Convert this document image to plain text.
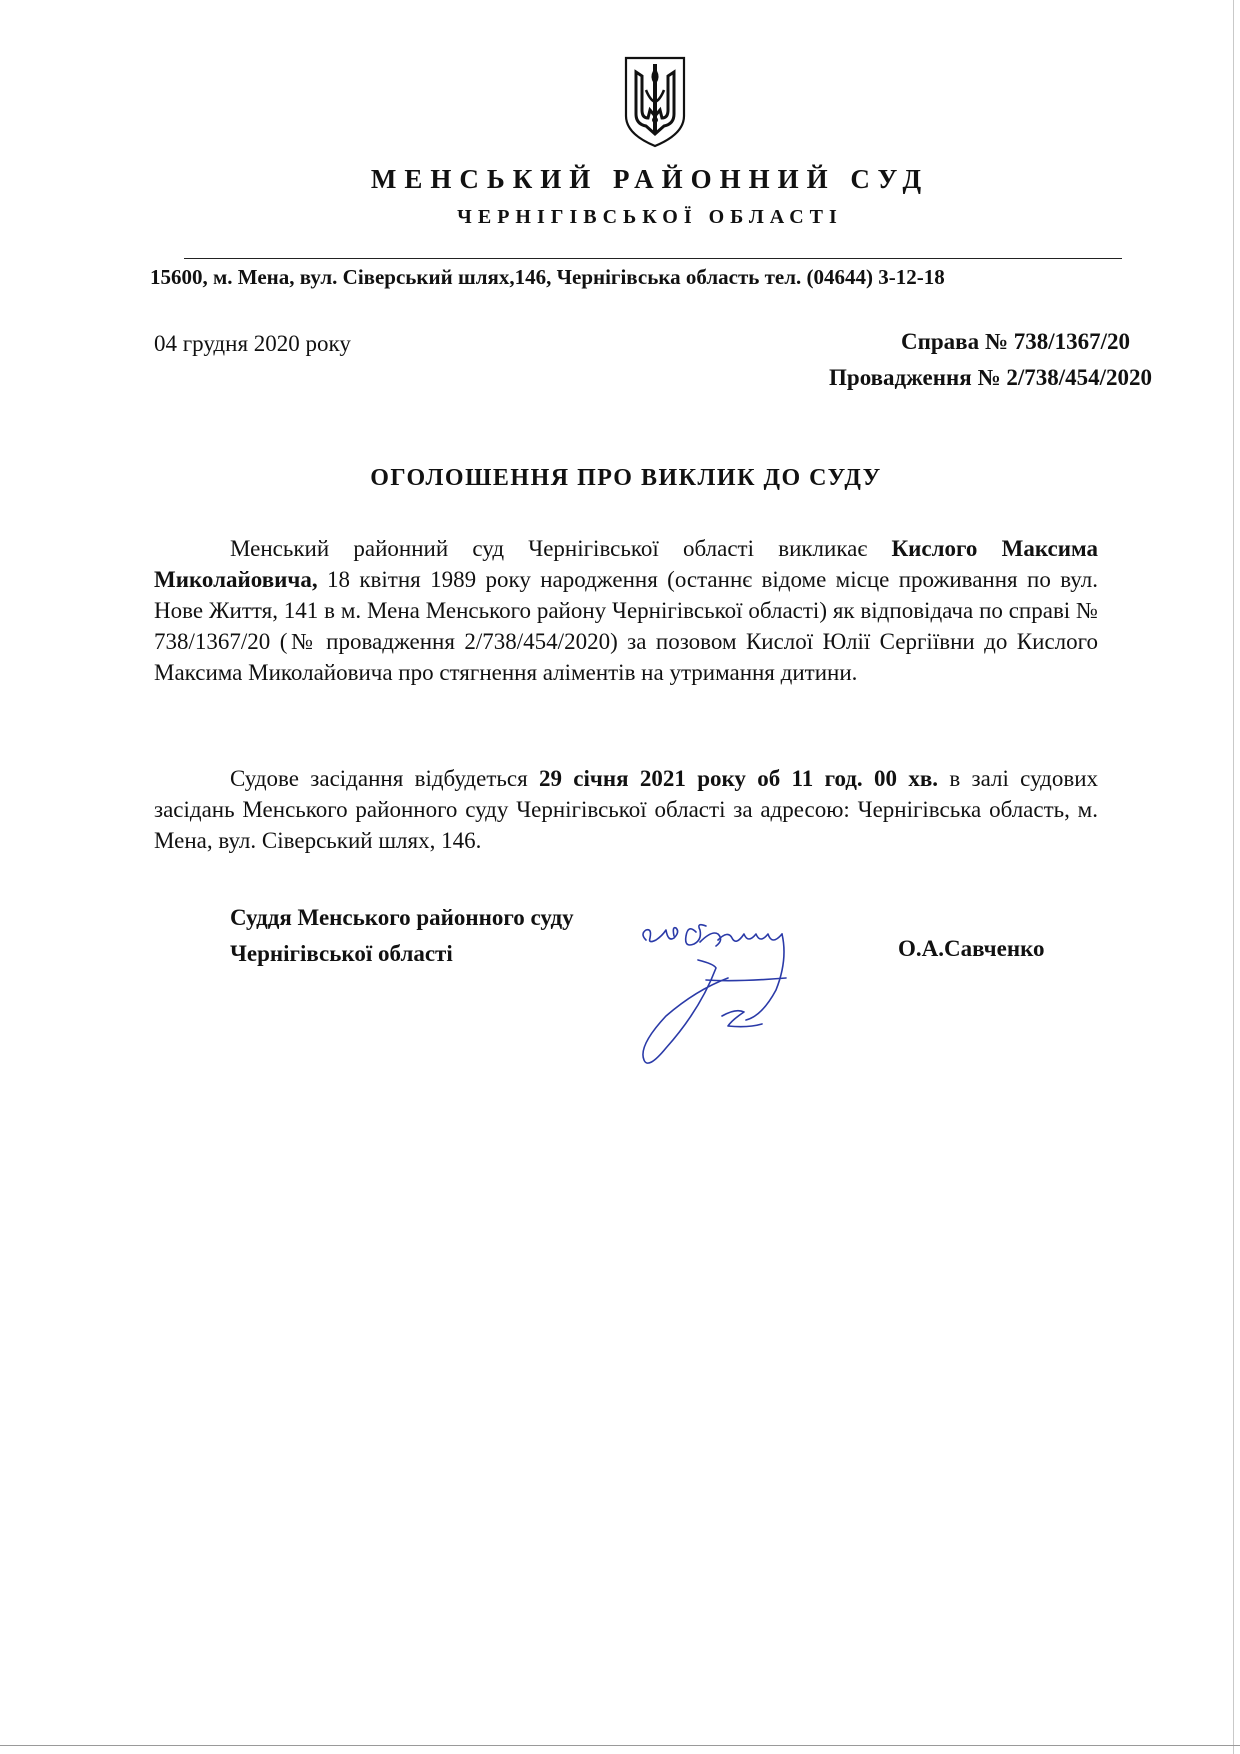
МЕНСЬКИЙ РАЙОННИЙ СУД
ЧЕРНІГІВСЬКОЇ ОБЛАСТІ
15600, м. Мена, вул. Сіверський шлях,146, Чернігівська область тел. (04644) 3-12-18
04 грудня 2020 року	Справа № 738/1367/20
Провадження № 2/738/454/2020
ОГОЛОШЕННЯ ПРО ВИКЛИК ДО СУДУ
Менський районний суд Чернігівської області викликає Кислого Максима Миколайовича, 18 квітня 1989 року народження (останнє відоме місце проживання по вул. Нове Життя, 141 в м. Мена Менського району Чернігівської області) як відповідача по справі № 738/1367/20 (№ провадження 2/738/454/2020) за позовом Кислої Юлії Сергіївни до Кислого Максима Миколайовича про стягнення аліментів на утримання дитини.
Судове засідання відбудеться 29 січня 2021 року об 11 год. 00 хв. в залі судових засідань Менського районного суду Чернігівської області за адресою: Чернігівська область, м. Мена, вул. Сіверський шлях, 146.
Суддя Менського районного суду
Чернігівської області	О.А.Савченко
